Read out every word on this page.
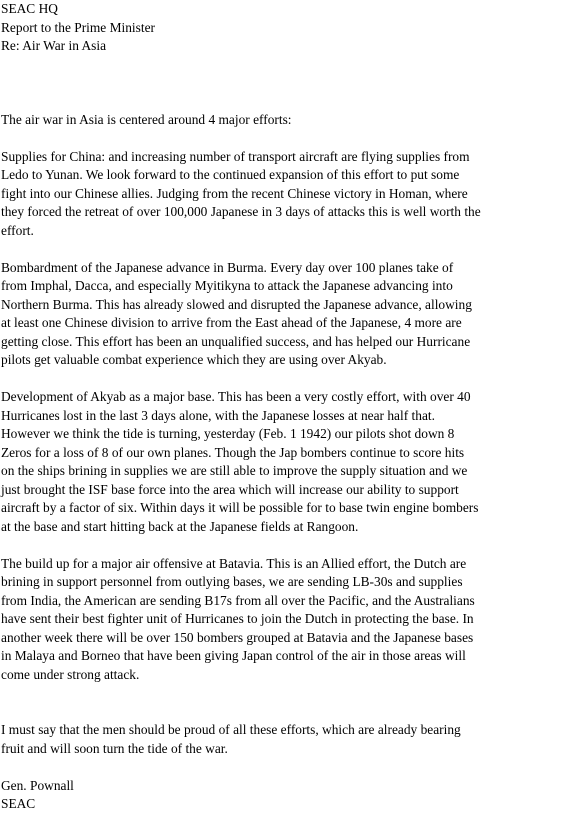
SEAC HQ
Report to the Prime Minister
Re: Air War in Asia

The air war in Asia is centered around 4 major efforts:

Supplies for China: and increasing number of transport aircraft are flying supplies from
Ledo to Yunan. We look forward to the continued expansion of this effort to put some
fight into our Chinese allies. Judging from the recent Chinese victory in Homan, where
they forced the retreat of over 100,000 Japanese in 3 days of attacks this is well worth the
effort.

Bombardment of the Japanese advance in Burma. Every day over 100 planes take of
from Imphal, Dacca, and especially Myitikyna to attack the Japanese advancing into
Northern Burma. This has already slowed and disrupted the Japanese advance, allowing
at least one Chinese division to arrive from the East ahead of the Japanese, 4 more are
getting close. This effort has been an unqualified success, and has helped our Hurricane
pilots get valuable combat experience which they are using over Akyab.

Development of Akyab as a major base. This has been a very costly effort, with over 40
Hurricanes lost in the last 3 days alone, with the Japanese losses at near half that.
However we think the tide is turning, yesterday (Feb. 1 1942) our pilots shot down 8
Zeros for a loss of 8 of our own planes. Though the Jap bombers continue to score hits
on the ships brining in supplies we are still able to improve the supply situation and we
just brought the ISF base force into the area which will increase our ability to support
aircraft by a factor of six. Within days it will be possible for to base twin engine bombers
at the base and start hitting back at the Japanese fields at Rangoon.

The build up for a major air offensive at Batavia. This is an Allied effort, the Dutch are
brining in support personnel from outlying bases, we are sending LB-30s and supplies
from India, the American are sending B17s from all over the Pacific, and the Australians
have sent their best fighter unit of Hurricanes to join the Dutch in protecting the base. In
another week there will be over 150 bombers grouped at Batavia and the Japanese bases
in Malaya and Borneo that have been giving Japan control of the air in those areas will
come under strong attack.

I must say that the men should be proud of all these efforts, which are already bearing
fruit and will soon turn the tide of the war.

Gen. Pownall
SEAC
